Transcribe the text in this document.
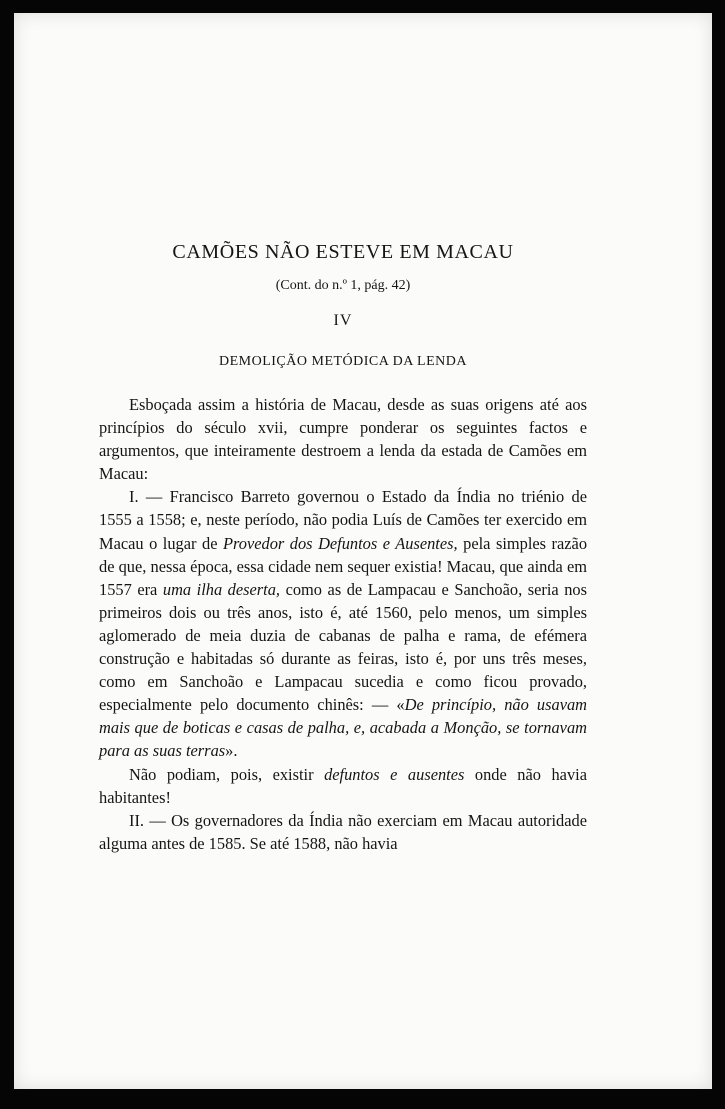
CAMÕES NÃO ESTEVE EM MACAU
(Cont. do n.º 1, pág. 42)
IV
DEMOLIÇÃO METÓDICA DA LENDA

Esboçada assim a história de Macau, desde as suas origens até aos princípios do século xvii, cumpre ponderar os seguintes factos e argumentos, que inteiramente destroem a lenda da estada de Camões em Macau:

I. — Francisco Barreto governou o Estado da Índia no triénio de 1555 a 1558; e, neste período, não podia Luís de Camões ter exercido em Macau o lugar de Provedor dos Defuntos e Ausentes, pela simples razão de que, nessa época, essa cidade nem sequer existia! Macau, que ainda em 1557 era uma ilha deserta, como as de Lampacau e Sanchoão, seria nos primeiros dois ou três anos, isto é, até 1560, pelo menos, um simples aglomerado de meia duzia de cabanas de palha e rama, de efémera construção e habitadas só durante as feiras, isto é, por uns três meses, como em Sanchoão e Lampacau sucedia e como ficou provado, especialmente pelo documento chinês: — «De princípio, não usavam mais que de boticas e casas de palha, e, acabada a Monção, se tornavam para as suas terras».

Não podiam, pois, existir defuntos e ausentes onde não havia habitantes!

II. — Os governadores da Índia não exerciam em Macau autoridade alguma antes de 1585. Se até 1588, não havia
